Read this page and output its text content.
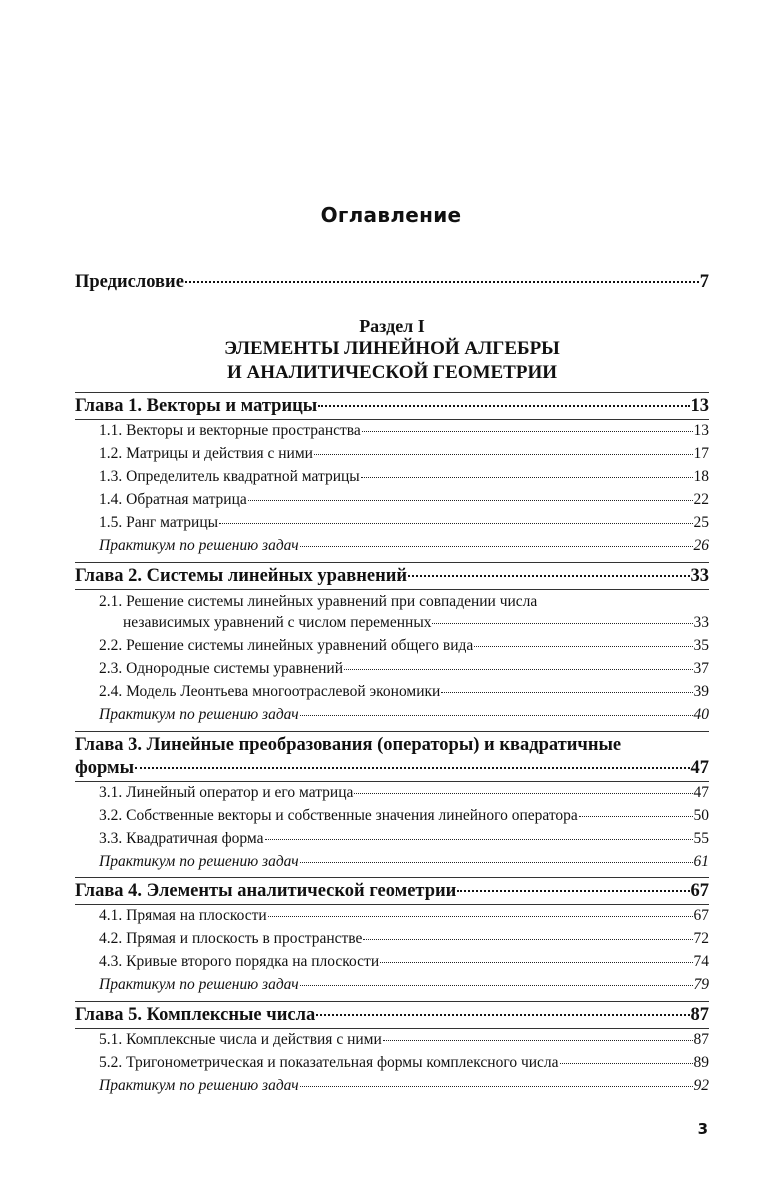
Оглавление
Предисловие	7
Раздел I
ЭЛЕМЕНТЫ ЛИНЕЙНОЙ АЛГЕБРЫ
И АНАЛИТИЧЕСКОЙ ГЕОМЕТРИИ
Глава 1. Векторы и матрицы	13
1.1. Векторы и векторные пространства	13
1.2. Матрицы и действия с ними	17
1.3. Определитель квадратной матрицы	18
1.4. Обратная матрица	22
1.5. Ранг матрицы	25
Практикум по решению задач	26
Глава 2. Системы линейных уравнений	33
2.1. Решение системы линейных уравнений при совпадении числа
независимых уравнений с числом переменных	33
2.2. Решение системы линейных уравнений общего вида	35
2.3. Однородные системы уравнений	37
2.4. Модель Леонтьева многоотраслевой экономики	39
Практикум по решению задач	40
Глава 3. Линейные преобразования (операторы) и квадратичные
формы	47
3.1. Линейный оператор и его матрица	47
3.2. Собственные векторы и собственные значения линейного оператора	50
3.3. Квадратичная форма	55
Практикум по решению задач	61
Глава 4. Элементы аналитической геометрии	67
4.1. Прямая на плоскости	67
4.2. Прямая и плоскость в пространстве	72
4.3. Кривые второго порядка на плоскости	74
Практикум по решению задач	79
Глава 5. Комплексные числа	87
5.1. Комплексные числа и действия с ними	87
5.2. Тригонометрическая и показательная формы комплексного числа	89
Практикум по решению задач	92
3
